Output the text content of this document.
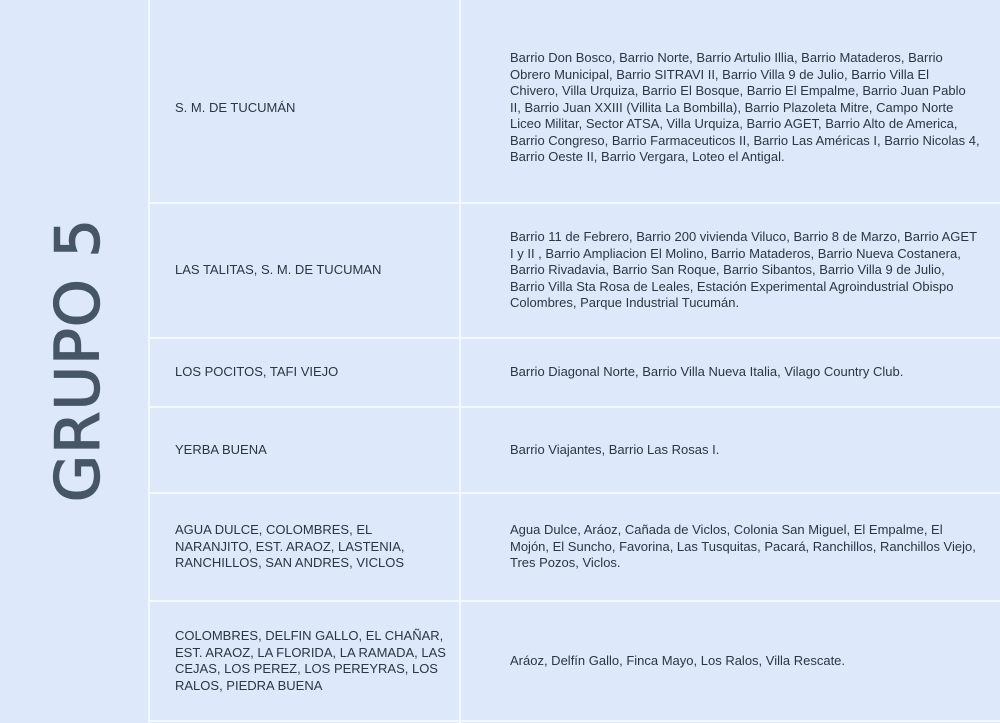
GRUPO 5
S. M. DE TUCUMÁN
Barrio Don Bosco, Barrio Norte, Barrio Artulio Illia, Barrio Mataderos, Barrio Obrero Municipal, Barrio SITRAVI II, Barrio Villa 9 de Julio, Barrio Villa El Chivero, Villa Urquiza, Barrio El Bosque, Barrio El Empalme, Barrio Juan Pablo II, Barrio Juan XXIII (Villita La Bombilla), Barrio Plazoleta Mitre, Campo Norte Liceo Militar, Sector ATSA, Villa Urquiza, Barrio AGET, Barrio Alto de America, Barrio Congreso, Barrio Farmaceuticos II, Barrio Las Américas I, Barrio Nicolas 4, Barrio Oeste II, Barrio Vergara, Loteo el Antigal.
LAS TALITAS, S. M. DE TUCUMAN
Barrio 11 de Febrero, Barrio 200 vivienda Viluco, Barrio 8 de Marzo, Barrio AGET I y II , Barrio Ampliacion El Molino, Barrio Mataderos, Barrio Nueva Costanera, Barrio Rivadavia, Barrio San Roque, Barrio Sibantos, Barrio Villa 9 de Julio, Barrio Villa Sta Rosa de Leales, Estación Experimental Agroindustrial Obispo Colombres, Parque Industrial Tucumán.
LOS POCITOS, TAFI VIEJO	Barrio Diagonal Norte, Barrio Villa Nueva Italia, Vilago Country Club.
YERBA BUENA	Barrio Viajantes, Barrio Las Rosas I.
AGUA DULCE, COLOMBRES, EL NARANJITO, EST. ARAOZ, LASTENIA, RANCHILLOS, SAN ANDRES, VICLOS
Agua Dulce, Aráoz, Cañada de Viclos, Colonia San Miguel, El Empalme, El Mojón, El Suncho, Favorina, Las Tusquitas, Pacará, Ranchillos, Ranchillos Viejo, Tres Pozos, Viclos.
COLOMBRES, DELFIN GALLO, EL CHAÑAR, EST. ARAOZ, LA FLORIDA, LA RAMADA, LAS CEJAS, LOS PEREZ, LOS PEREYRAS, LOS RALOS, PIEDRA BUENA
Aráoz, Delfín Gallo, Finca Mayo, Los Ralos, Villa Rescate.
